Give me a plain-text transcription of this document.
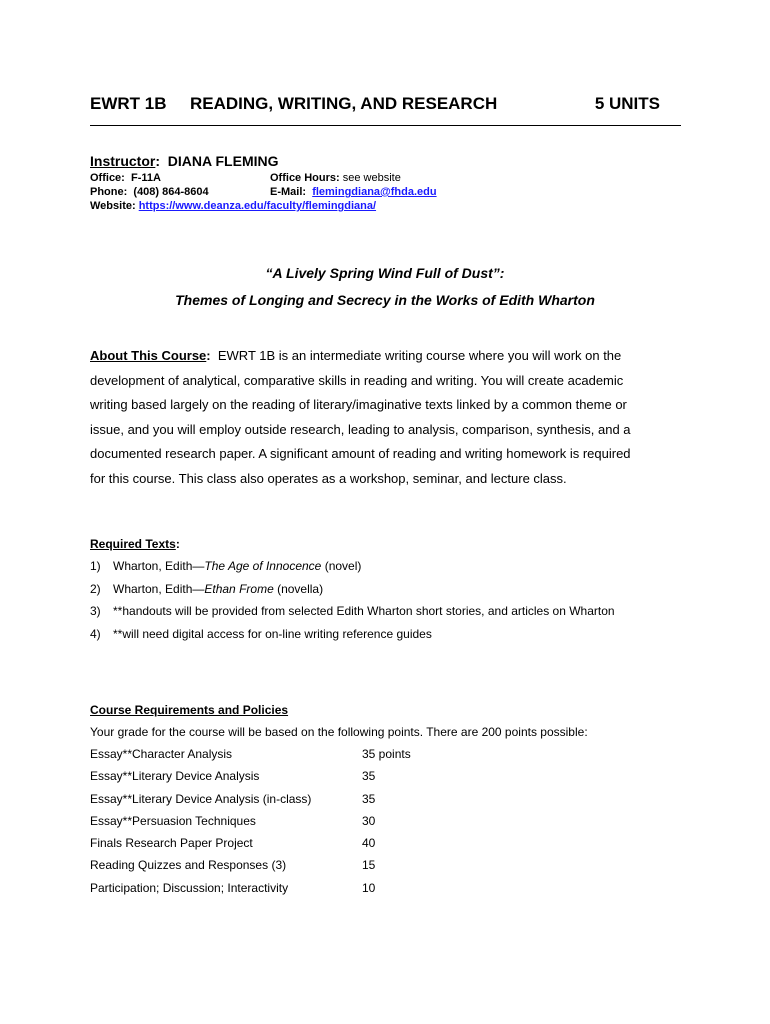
EWRT 1B READING, WRITING, AND RESEARCH	5 UNITS
Instructor: DIANA FLEMING
Office: F-11A	Office Hours: see website
Phone: (408) 864-8604	E-Mail: flemingdiana@fhda.edu
Website: https://www.deanza.edu/faculty/flemingdiana/
“A Lively Spring Wind Full of Dust”:
Themes of Longing and Secrecy in the Works of Edith Wharton
About This Course: EWRT 1B is an intermediate writing course where you will work on the
development of analytical, comparative skills in reading and writing. You will create academic
writing based largely on the reading of literary/imaginative texts linked by a common theme or
issue, and you will employ outside research, leading to analysis, comparison, synthesis, and a
documented research paper. A significant amount of reading and writing homework is required
for this course. This class also operates as a workshop, seminar, and lecture class.
Required Texts:
1) Wharton, Edith—The Age of Innocence (novel)
2) Wharton, Edith—Ethan Frome (novella)
3) **handouts will be provided from selected Edith Wharton short stories, and articles on Wharton
4) **will need digital access for on-line writing reference guides
Course Requirements and Policies
Your grade for the course will be based on the following points. There are 200 points possible:
Essay**Character Analysis	35 points
Essay**Literary Device Analysis	35
Essay**Literary Device Analysis (in-class)	35
Essay**Persuasion Techniques	30
Finals Research Paper Project	40
Reading Quizzes and Responses (3)	15
Participation; Discussion; Interactivity	10
